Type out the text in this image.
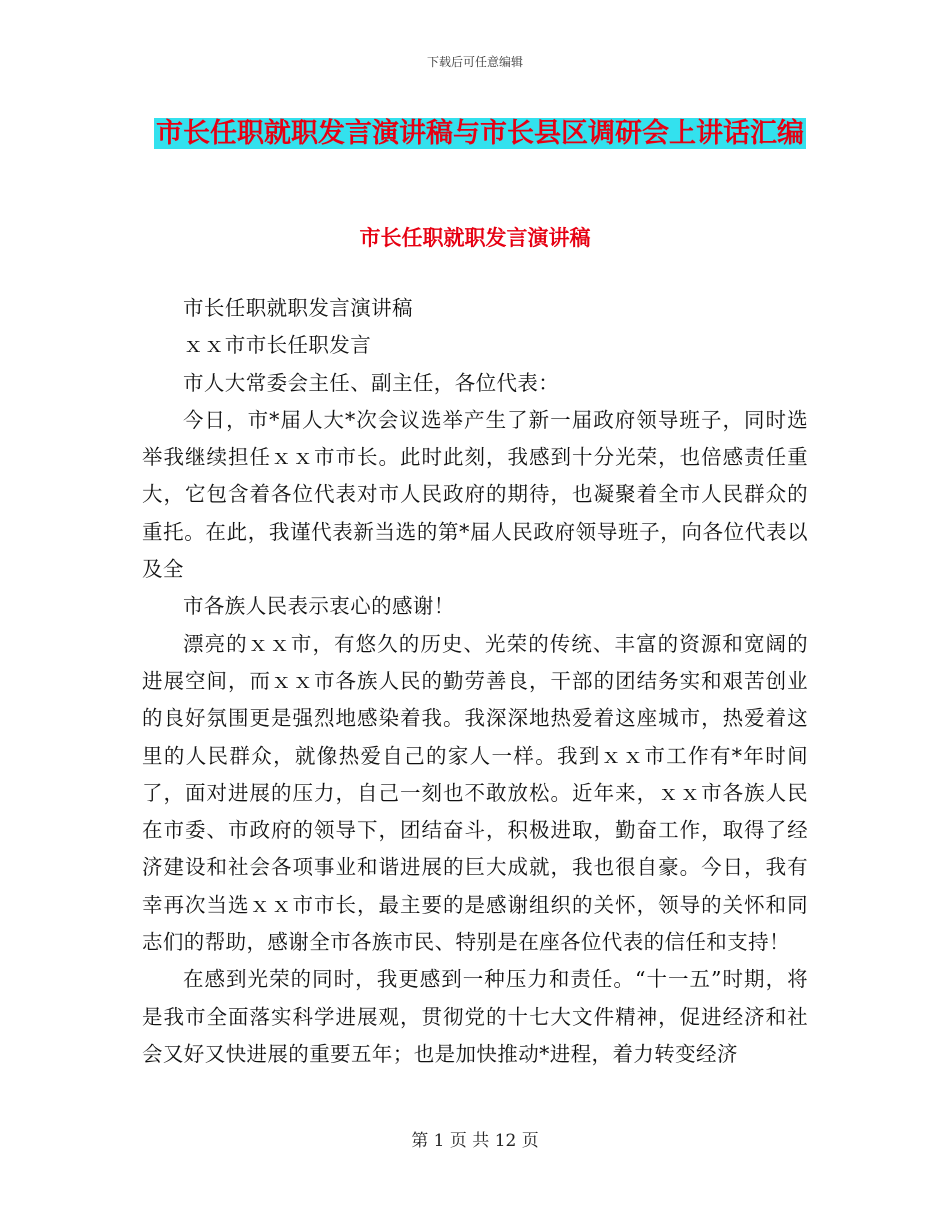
下载后可任意编辑
市长任职就职发言演讲稿与市长县区调研会上讲话汇编
市长任职就职发言演讲稿

市长任职就职发言演讲稿

ｘｘ市市长任职发言

市人大常委会主任、副主任，各位代表：

今日，市*届人大*次会议选举产生了新一届政府领导班子，同时选举我继续担任ｘｘ市市长。此时此刻，我感到十分光荣，也倍感责任重大，它包含着各位代表对市人民政府的期待，也凝聚着全市人民群众的重托。在此，我谨代表新当选的第*届人民政府领导班子，向各位代表以及全

市各族人民表示衷心的感谢！

漂亮的ｘｘ市，有悠久的历史、光荣的传统、丰富的资源和宽阔的进展空间，而ｘｘ市各族人民的勤劳善良，干部的团结务实和艰苦创业的良好氛围更是强烈地感染着我。我深深地热爱着这座城市，热爱着这里的人民群众，就像热爱自己的家人一样。我到ｘｘ市工作有*年时间了，面对进展的压力，自己一刻也不敢放松。近年来，ｘｘ市各族人民在市委、市政府的领导下，团结奋斗，积极进取，勤奋工作，取得了经济建设和社会各项事业和谐进展的巨大成就，我也很自豪。今日，我有幸再次当选ｘｘ市市长，最主要的是感谢组织的关怀，领导的关怀和同志们的帮助，感谢全市各族市民、特别是在座各位代表的信任和支持！

在感到光荣的同时，我更感到一种压力和责任。“十一五”时期，将是我市全面落实科学进展观，贯彻党的十七大文件精神，促进经济和社会又好又快进展的重要五年；也是加快推动*进程，着力转变经济

第 1 页 共 12 页
